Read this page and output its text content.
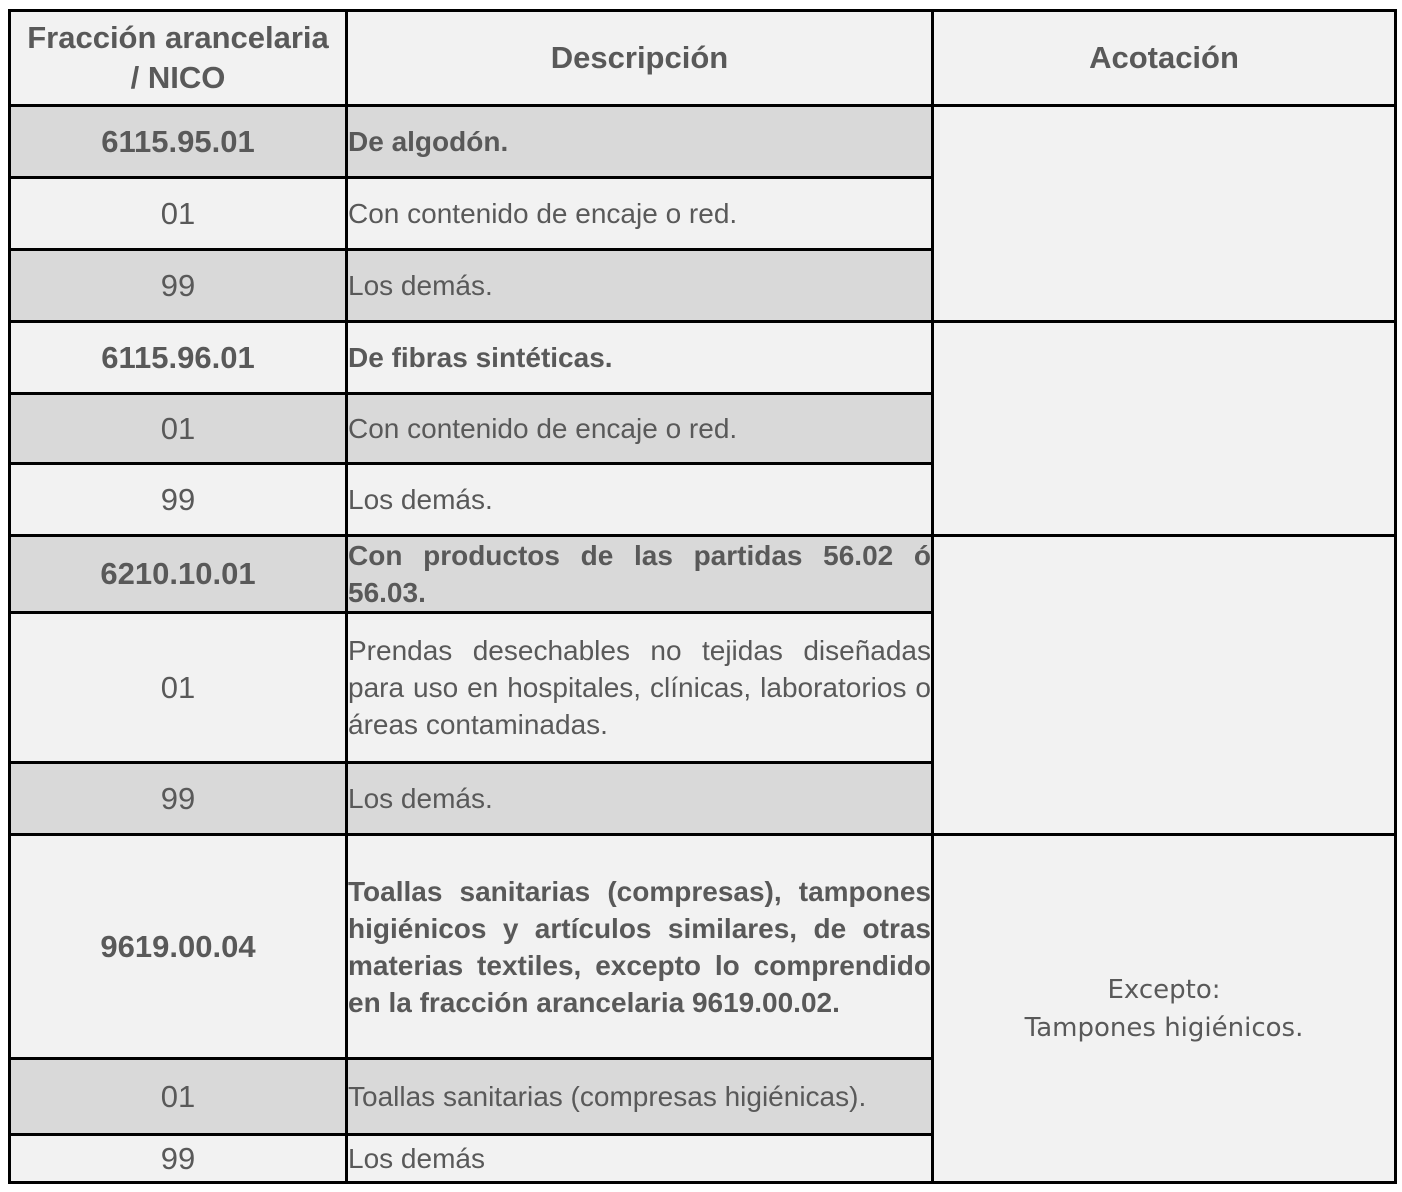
Fracción arancelaria / NICO	Descripción	Acotación
6115.95.01	De algodón.	
01	Con contenido de encaje o red.	
99	Los demás.	
6115.96.01	De fibras sintéticas.	
01	Con contenido de encaje o red.	
99	Los demás.	
6210.10.01	Con productos de las partidas 56.02 ó 56.03.	
01	Prendas desechables no tejidas diseñadas para uso en hospitales, clínicas, laboratorios o áreas contaminadas.	
99	Los demás.	
9619.00.04	Toallas sanitarias (compresas), tampones higiénicos y artículos similares, de otras materias textiles, excepto lo comprendido en la fracción arancelaria 9619.00.02.	Excepto:
Tampones higiénicos.

01	Toallas sanitarias (compresas higiénicas).	
99	Los demás	
